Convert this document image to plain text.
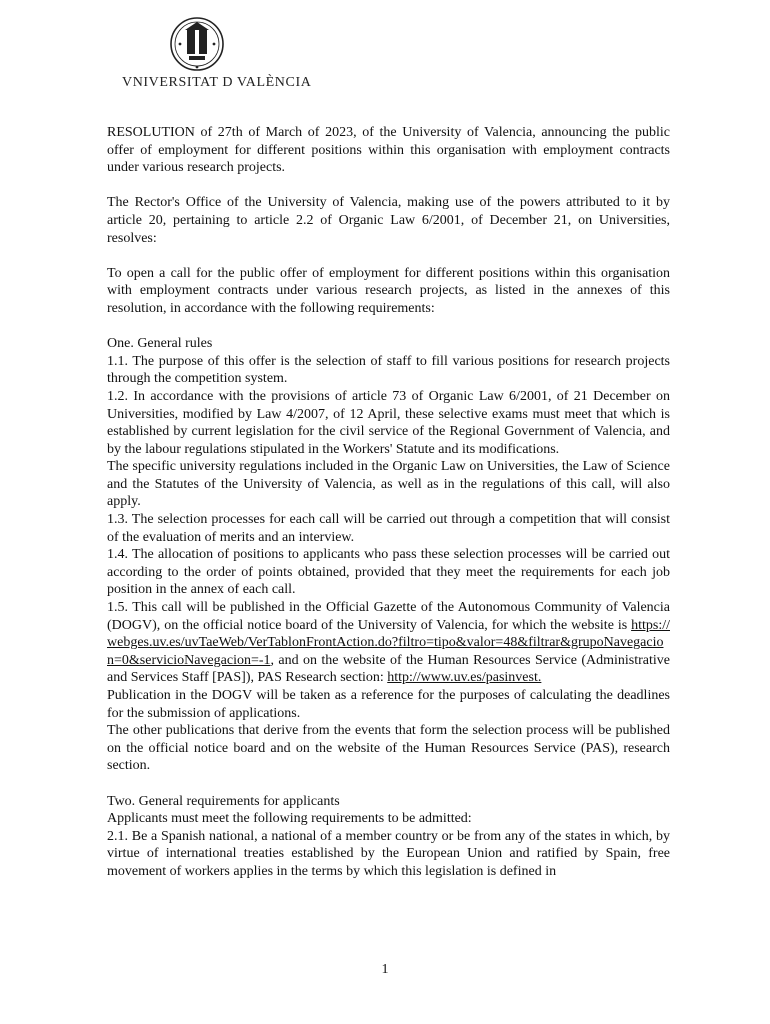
VNIVERSITAT D VALÈNCIA

RESOLUTION of 27th of March of 2023, of the University of Valencia, announcing the public offer of employment for different positions within this organisation with employment contracts under various research projects.

The Rector's Office of the University of Valencia, making use of the powers attributed to it by article 20, pertaining to article 2.2 of Organic Law 6/2001, of December 21, on Universities, resolves:

To open a call for the public offer of employment for different positions within this organisation with employment contracts under various research projects, as listed in the annexes of this resolution, in accordance with the following requirements:

One. General rules

1.1. The purpose of this offer is the selection of staff to fill various positions for research projects through the competition system.

1.2. In accordance with the provisions of article 73 of Organic Law 6/2001, of 21 December on Universities, modified by Law 4/2007, of 12 April, these selective exams must meet that which is established by current legislation for the civil service of the Regional Government of Valencia, and by the labour regulations stipulated in the Workers' Statute and its modifications.

The specific university regulations included in the Organic Law on Universities, the Law of Science and the Statutes of the University of Valencia, as well as in the regulations of this call, will also apply.

1.3. The selection processes for each call will be carried out through a competition that will consist of the evaluation of merits and an interview.

1.4. The allocation of positions to applicants who pass these selection processes will be carried out according to the order of points obtained, provided that they meet the requirements for each job position in the annex of each call.

1.5. This call will be published in the Official Gazette of the Autonomous Community of Valencia (DOGV), on the official notice board of the University of Valencia, for which the website is https://webges.uv.es/uvTaeWeb/VerTablonFrontAction.do?filtro=tipo&valor=48&filtrar&grupoNavegacion=0&servicioNavegacion=-1, and on the website of the Human Resources Service (Administrative and Services Staff [PAS]), PAS Research section: http://www.uv.es/pasinvest.

Publication in the DOGV will be taken as a reference for the purposes of calculating the deadlines for the submission of applications.

The other publications that derive from the events that form the selection process will be published on the official notice board and on the website of the Human Resources Service (PAS), research section.

Two. General requirements for applicants

Applicants must meet the following requirements to be admitted:

2.1. Be a Spanish national, a national of a member country or be from any of the states in which, by virtue of international treaties established by the European Union and ratified by Spain, free movement of workers applies in the terms by which this legislation is defined in

1
